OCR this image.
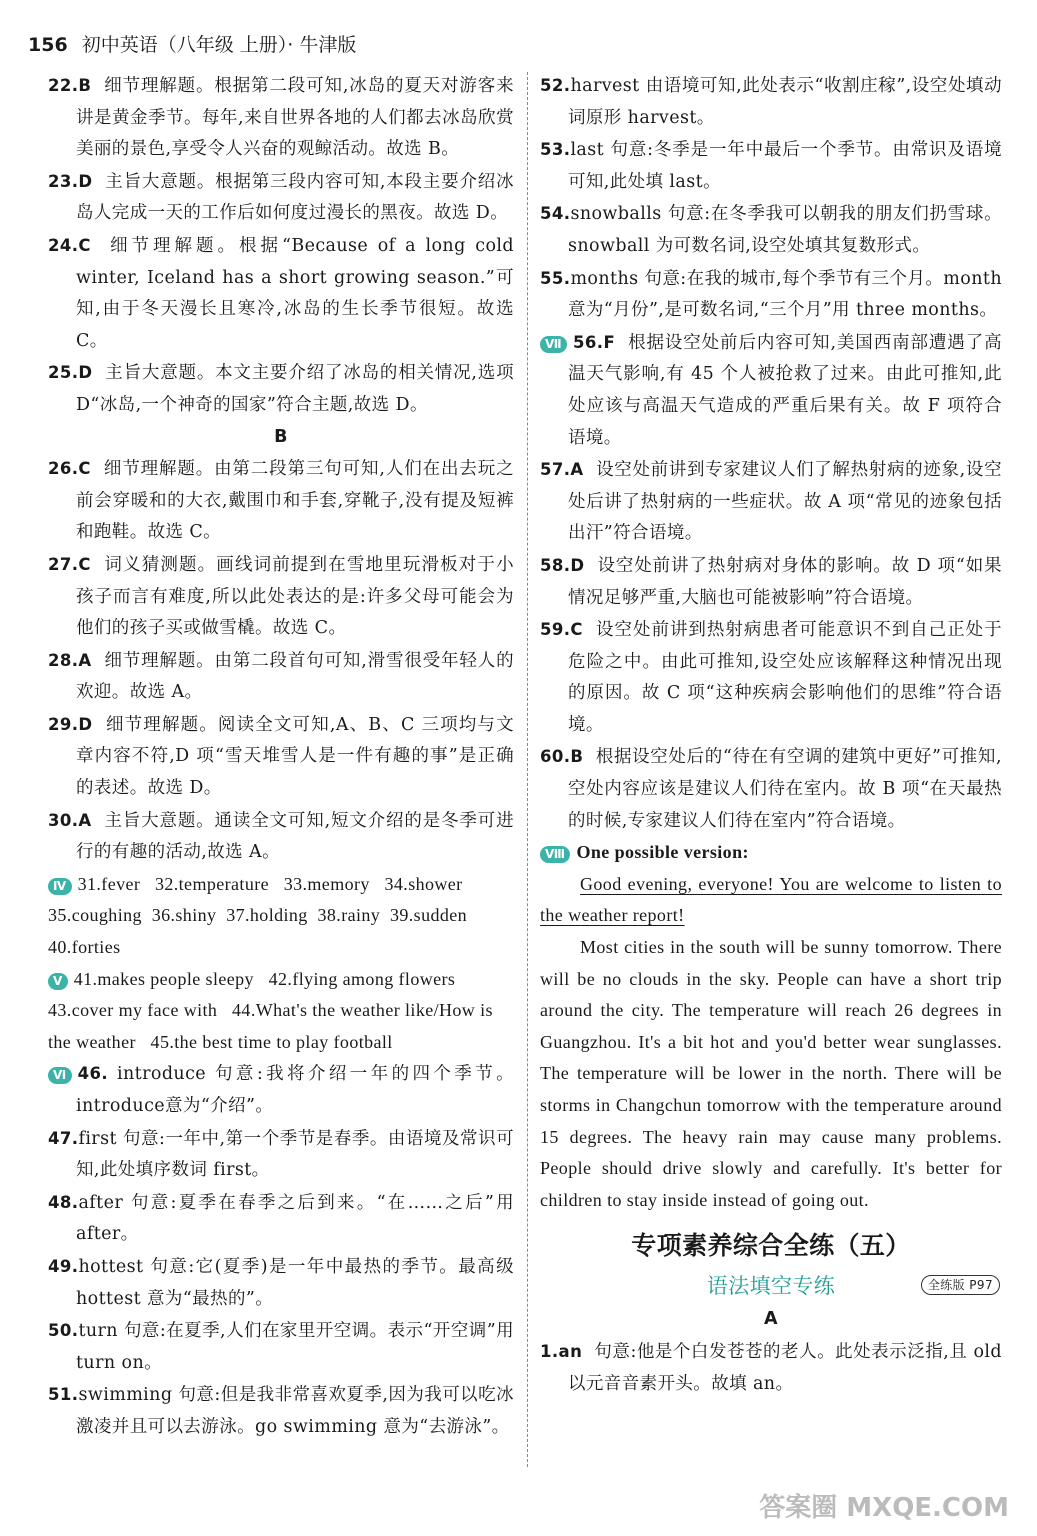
156 初中英语（八年级 上册）· 牛津版
22.B 细节理解题。根据第二段可知,冰岛的夏天对游客来讲是黄金季节。每年,来自世界各地的人们都去冰岛欣赏美丽的景色,享受令人兴奋的观鲸活动。故选 B。
23.D 主旨大意题。根据第三段内容可知,本段主要介绍冰岛人完成一天的工作后如何度过漫长的黑夜。故选 D。
24.C 细节理解题。根据“Because of a long cold winter, Iceland has a short growing season.”可知,由于冬天漫长且寒冷,冰岛的生长季节很短。故选 C。
25.D 主旨大意题。本文主要介绍了冰岛的相关情况,选项 D“冰岛,一个神奇的国家”符合主题,故选 D。
B
26.C 细节理解题。由第二段第三句可知,人们在出去玩之前会穿暖和的大衣,戴围巾和手套,穿靴子,没有提及短裤和跑鞋。故选 C。
27.C 词义猜测题。画线词前提到在雪地里玩滑板对于小孩子而言有难度,所以此处表达的是:许多父母可能会为他们的孩子买或做雪橇。故选 C。
28.A 细节理解题。由第二段首句可知,滑雪很受年轻人的欢迎。故选 A。
29.D 细节理解题。阅读全文可知,A、B、C 三项均与文章内容不符,D 项“雪天堆雪人是一件有趣的事”是正确的表述。故选 D。
30.A 主旨大意题。通读全文可知,短文介绍的是冬季可进行的有趣的活动,故选 A。
Ⅳ 31.fever   32.temperature   33.memory   34.shower
35.coughing  36.shiny  37.holding  38.rainy  39.sudden
40.forties
Ⅴ 41.makes people sleepy   42.flying among flowers
43.cover my face with   44.What's the weather like/How is the weather   45.the best time to play football
Ⅵ 46. introduce 句意:我将介绍一年的四个季节。introduce意为“介绍”。
47.first 句意:一年中,第一个季节是春季。由语境及常识可知,此处填序数词 first。
48.after 句意:夏季在春季之后到来。“在……之后”用 after。
49.hottest 句意:它(夏季)是一年中最热的季节。最高级 hottest 意为“最热的”。
50.turn 句意:在夏季,人们在家里开空调。表示“开空调”用 turn on。
51.swimming 句意:但是我非常喜欢夏季,因为我可以吃冰激凌并且可以去游泳。go swimming 意为“去游泳”。
52.harvest 由语境可知,此处表示“收割庄稼”,设空处填动词原形 harvest。
53.last 句意:冬季是一年中最后一个季节。由常识及语境可知,此处填 last。
54.snowballs 句意:在冬季我可以朝我的朋友们扔雪球。snowball 为可数名词,设空处填其复数形式。
55.months 句意:在我的城市,每个季节有三个月。month 意为“月份”,是可数名词,“三个月”用 three months。
Ⅶ 56.F 根据设空处前后内容可知,美国西南部遭遇了高温天气影响,有 45 个人被抢救了过来。由此可推知,此处应该与高温天气造成的严重后果有关。故 F 项符合语境。
57.A 设空处前讲到专家建议人们了解热射病的迹象,设空处后讲了热射病的一些症状。故 A 项“常见的迹象包括出汗”符合语境。
58.D 设空处前讲了热射病对身体的影响。故 D 项“如果情况足够严重,大脑也可能被影响”符合语境。
59.C 设空处前讲到热射病患者可能意识不到自己正处于危险之中。由此可推知,设空处应该解释这种情况出现的原因。故 C 项“这种疾病会影响他们的思维”符合语境。
60.B 根据设空处后的“待在有空调的建筑中更好”可推知,空处内容应该是建议人们待在室内。故 B 项“在天最热的时候,专家建议人们待在室内”符合语境。
Ⅷ One possible version:

Good evening, everyone! You are welcome to listen to the weather report!

Most cities in the south will be sunny tomorrow. There will be no clouds in the sky. People can have a short trip around the city. The temperature will reach 26 degrees in Guangzhou. It's a bit hot and you'd better wear sunglasses. The temperature will be lower in the north. There will be storms in Changchun tomorrow with the temperature around 15 degrees. The heavy rain may cause many problems. People should drive slowly and carefully. It's better for children to stay inside instead of going out.

专项素养综合全练（五）
语法填空专练	全练版 P97
A
1.an 句意:他是个白发苍苍的老人。此处表示泛指,且 old 以元音音素开头。故填 an。
答案圈 MXQE.COM
